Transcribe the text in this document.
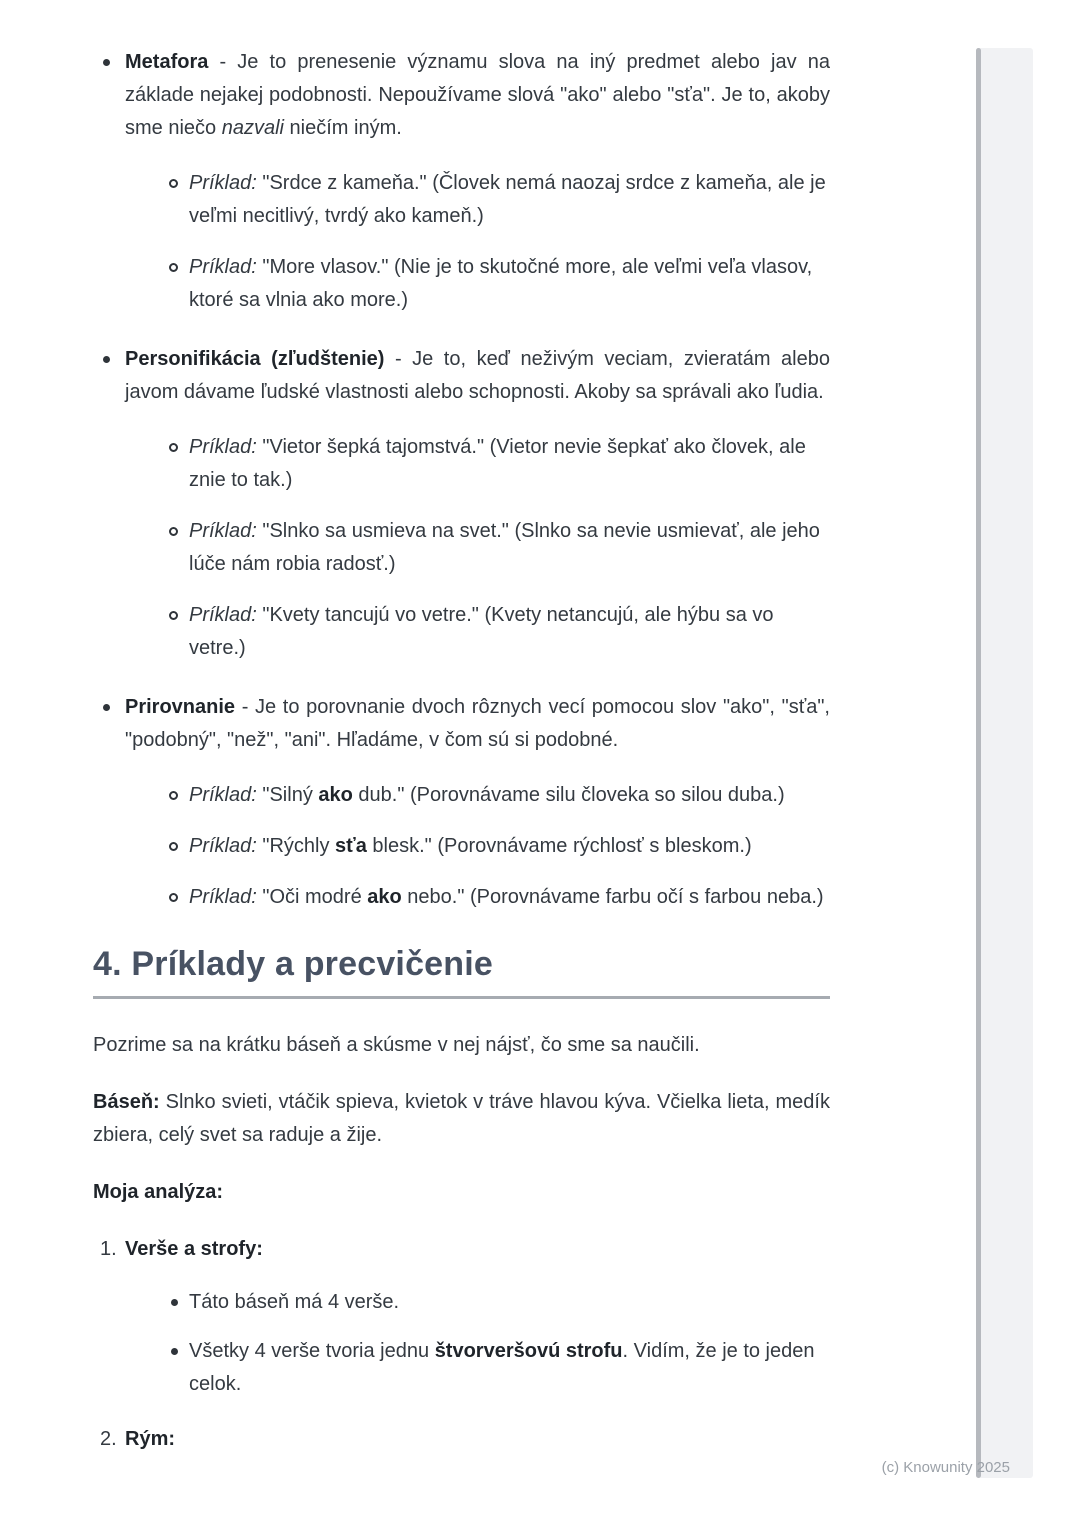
Metafora - Je to prenesenie významu slova na iný predmet alebo jav na základe nejakej podobnosti. Nepoužívame slová "ako" alebo "sťa". Je to, akoby sme niečo nazvali niečím iným.
Príklad: "Srdce z kameňa." (Človek nemá naozaj srdce z kameňa, ale je veľmi necitlivý, tvrdý ako kameň.)
Príklad: "More vlasov." (Nie je to skutočné more, ale veľmi veľa vlasov, ktoré sa vlnia ako more.)
Personifikácia (zľudštenie) - Je to, keď neživým veciam, zvieratám alebo javom dávame ľudské vlastnosti alebo schopnosti. Akoby sa správali ako ľudia.
Príklad: "Vietor šepká tajomstvá." (Vietor nevie šepkať ako človek, ale znie to tak.)
Príklad: "Slnko sa usmieva na svet." (Slnko sa nevie usmievať, ale jeho lúče nám robia radosť.)
Príklad: "Kvety tancujú vo vetre." (Kvety netancujú, ale hýbu sa vo vetre.)
Prirovnanie - Je to porovnanie dvoch rôznych vecí pomocou slov "ako", "sťa", "podobný", "než", "ani". Hľadáme, v čom sú si podobné.
Príklad: "Silný ako dub." (Porovnávame silu človeka so silou duba.)
Príklad: "Rýchly sťa blesk." (Porovnávame rýchlosť s bleskom.)
Príklad: "Oči modré ako nebo." (Porovnávame farbu očí s farbou neba.)
4. Príklady a precvičenie

Pozrime sa na krátku báseň a skúsme v nej nájsť, čo sme sa naučili.

Báseň: Slnko svieti, vtáčik spieva, kvietok v tráve hlavou kýva. Včielka lieta, medík zbiera, celý svet sa raduje a žije.

Moja analýza:

1. Verše a strofy:
Táto báseň má 4 verše.
Všetky 4 verše tvoria jednu štvorveršovú strofu. Vidím, že je to jeden celok.
2. Rým:
(c) Knowunity 2025
